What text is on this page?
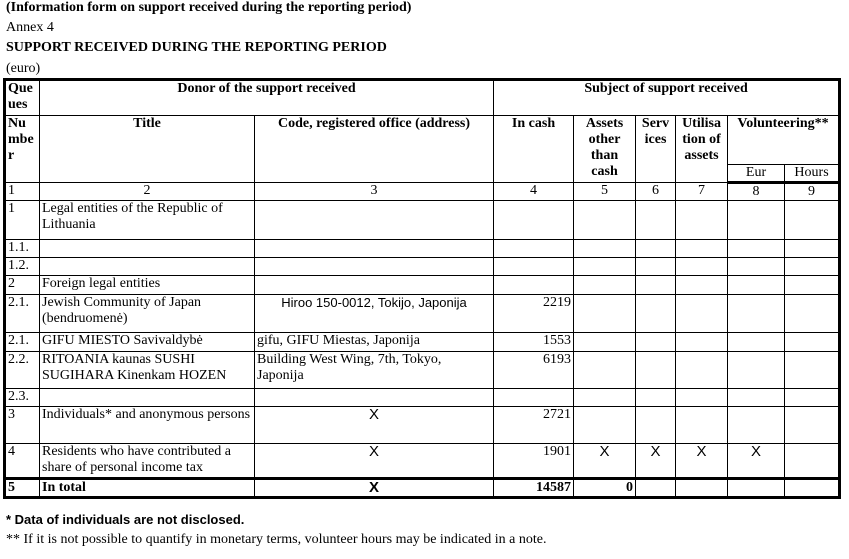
(Information form on support received during the reporting period)
Annex 4
SUPPORT RECEIVED DURING THE REPORTING PERIOD
(euro)
Que ues	Donor of the support received		Subject of support received					
Nu mbe r	Title	Code, registered office (address)	In cash	Assets other than cash	Serv ices	Utilisa tion of assets	Volunteering**	
							Eur	Hours
1	2	3	4	5	6	7	8	9
1	Legal entities of the Republic of Lithuania							
1.1.								
1.2.								
2	Foreign legal entities							
2.1.	Jewish Community of Japan (bendruomenė)	Hiroo 150-0012, Tokijo, Japonija	2219					
2.1.	GIFU MIESTO Savivaldybė	gifu, GIFU Miestas, Japonija	1553					
2.2.	RITOANIA kaunas SUSHI SUGIHARA Kinenkam HOZEN	Building West Wing, 7th, Tokyo, Japonija	6193					
2.3.								
3	Individuals* and anonymous persons	X	2721					
4	Residents who have contributed a share of personal income tax	X	1901	X	X	X	X	
5	In total	X	14587	0				
* Data of individuals are not disclosed.
** If it is not possible to quantify in monetary terms, volunteer hours may be indicated in a note.
